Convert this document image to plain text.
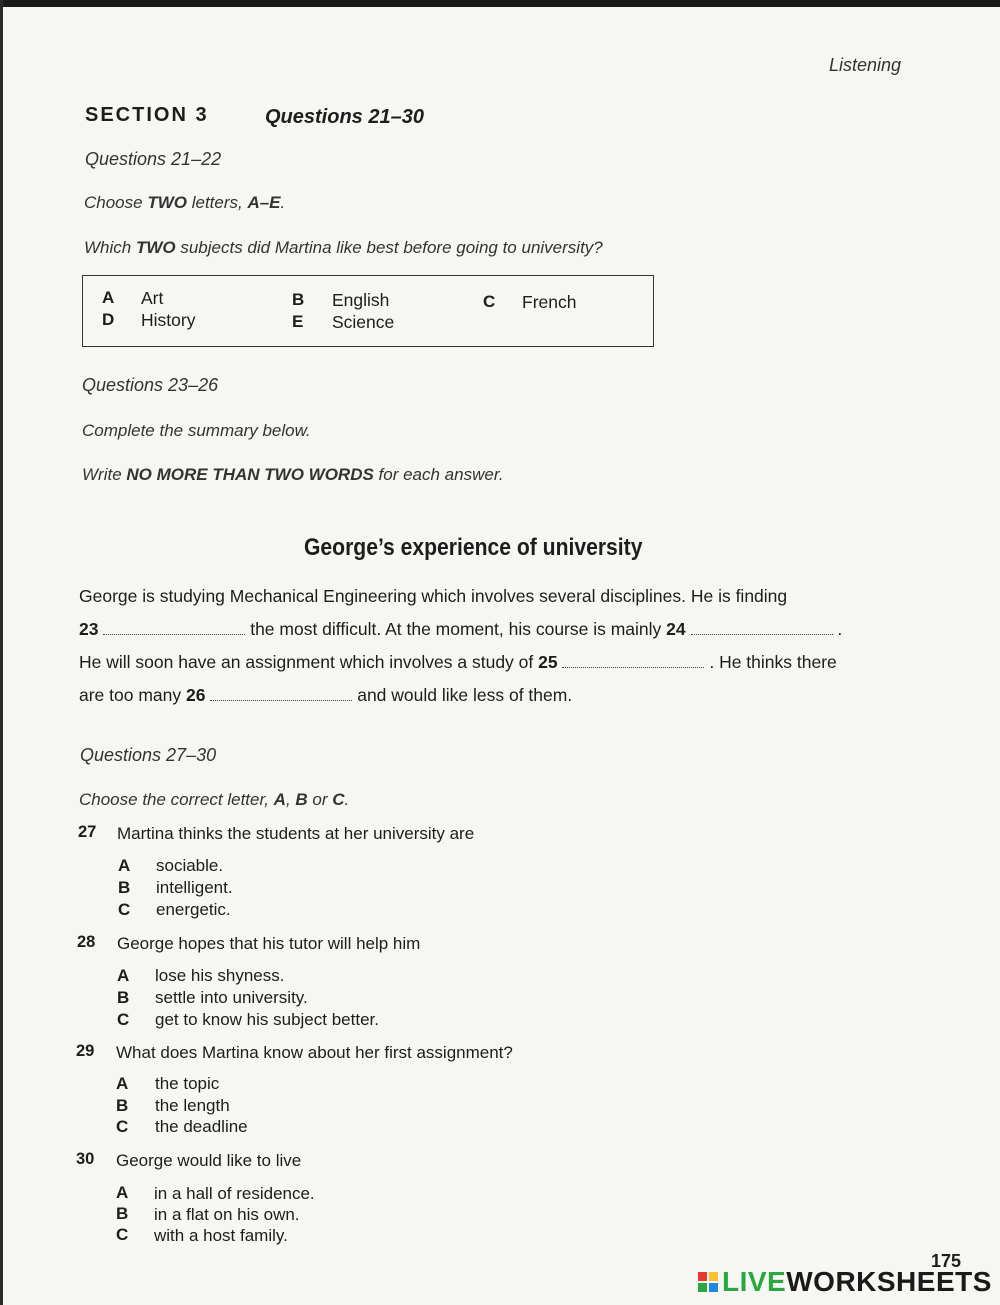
Listening
SECTION 3	Questions 21–30
Questions 21–22
Choose TWO letters, A–E.
Which TWO subjects did Martina like best before going to university?
A Art	B English	C French
D History	E Science
Questions 23–26
Complete the summary below.
Write NO MORE THAN TWO WORDS for each answer.
George’s experience of university
George is studying Mechanical Engineering which involves several disciplines. He is finding
23	the most difficult. At the moment, his course is mainly 24	.
He will soon have an assignment which involves a study of 25	. He thinks there
are too many 26	and would like less of them.
Questions 27–30
Choose the correct letter, A, B or C.
27 Martina thinks the students at her university are
A sociable.
B intelligent.
C energetic.
28 George hopes that his tutor will help him
A lose his shyness.
B settle into university.
C get to know his subject better.
29 What does Martina know about her first assignment?
A the topic
B the length
C the deadline
30 George would like to live
A in a hall of residence.
B in a flat on his own.
C with a host family.
175
LIVEWORKSHEETS
